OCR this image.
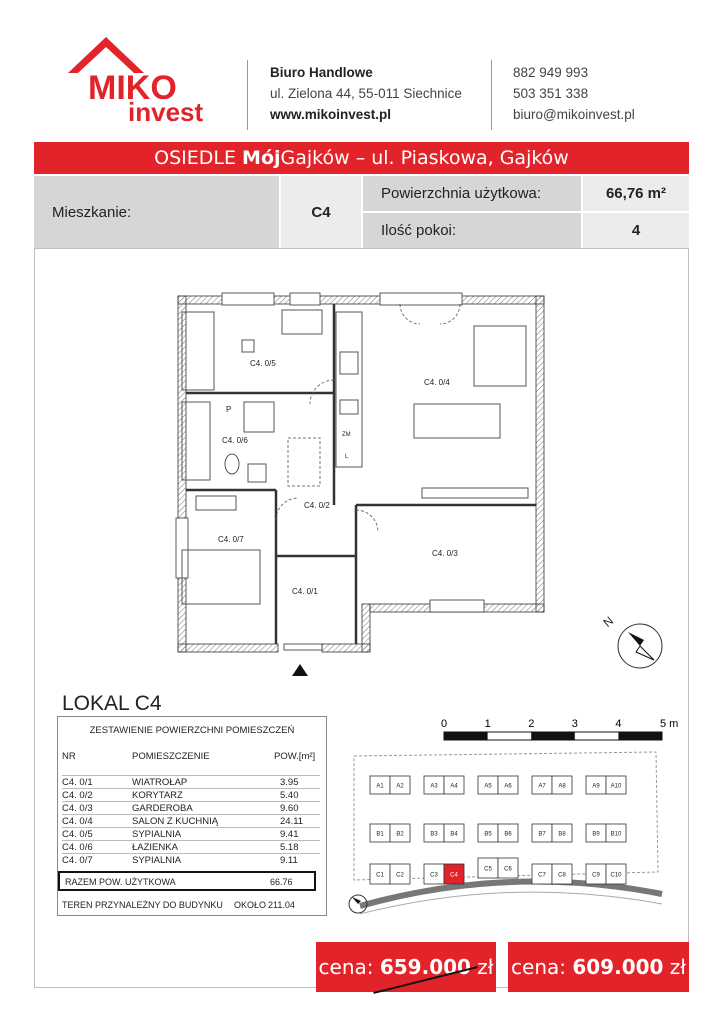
MIKO
invest
Biuro Handlowe
ul. Zielona 44, 55-011 Siechnice
www.mikoinvest.pl
882 949 993
503 351 338
biuro@mikoinvest.pl
OSIEDLE MójGajków – ul. Piaskowa, Gajków
Mieszkanie:	C4
Powierzchnia użytkowa:	66,76 m²
Ilość pokoi:	4
C4. 0/5
C4. 0/4
C4. 0/6
C4. 0/2
C4. 0/7
C4. 0/3
C4. 0/1
P
ZM
L
N
LOKAL C4
ZESTAWIENIE POWIERZCHNI POMIESZCZEŃ
NR	POMIESZCZENIE	POW.[m²]
C4. 0/1	WIATROŁAP	3.95
C4. 0/2	KORYTARZ	5.40
C4. 0/3	GARDEROBA	9.60
C4. 0/4	SALON Z KUCHNIĄ	24.11
C4. 0/5	SYPIALNIA	9.41
C4. 0/6	ŁAZIENKA	5.18
C4. 0/7	SYPIALNIA	9.11
RAZEM POW. UŻYTKOWA	66.76
TEREN PRZYNALEŻNY DO BUDYNKU OKOŁO 211.04
0	1	2	3	4	5 m
A1 A2
B1 B2
C1 C2
A3 A4
B3 B4
C3 C4
A5 A6
B5 B6
C5 C6
A7 A8
B7 B8
C7 C8
A9 A10
B9 B10
C9 C10
cena: 659.000
zł cena: 609.000 zł
